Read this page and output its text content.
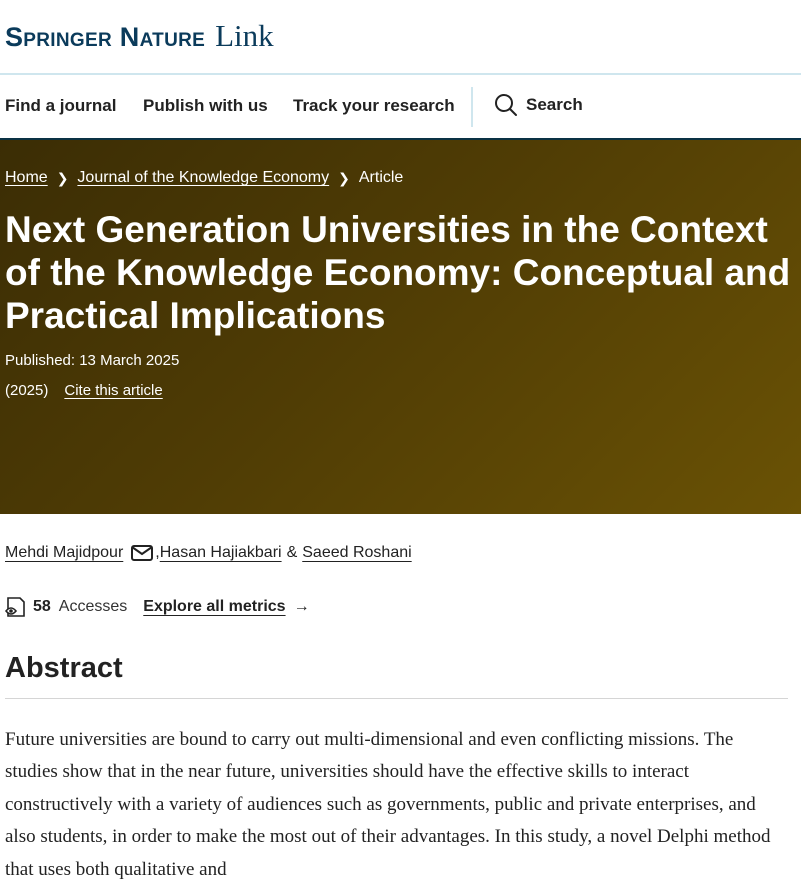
Springer Nature Link
Find a journal Publish with us Track your research	Search
Home ❯ Journal of the Knowledge Economy ❯ Article
Next Generation Universities in the Context of the Knowledge Economy: Conceptual and Practical Implications
Published: 13 March 2025
(2025) Cite this article
Mehdi Majidpour , Hasan Hajiakbari & Saeed Roshani
58 Accesses Explore all metrics →
Abstract

Future universities are bound to carry out multi-dimensional and even conflicting missions. The studies show that in the near future, universities should have the effective skills to interact constructively with a variety of audiences such as governments, public and private enterprises, and also students, in order to make the most out of their advantages. In this study, a novel Delphi method that uses both qualitative and
